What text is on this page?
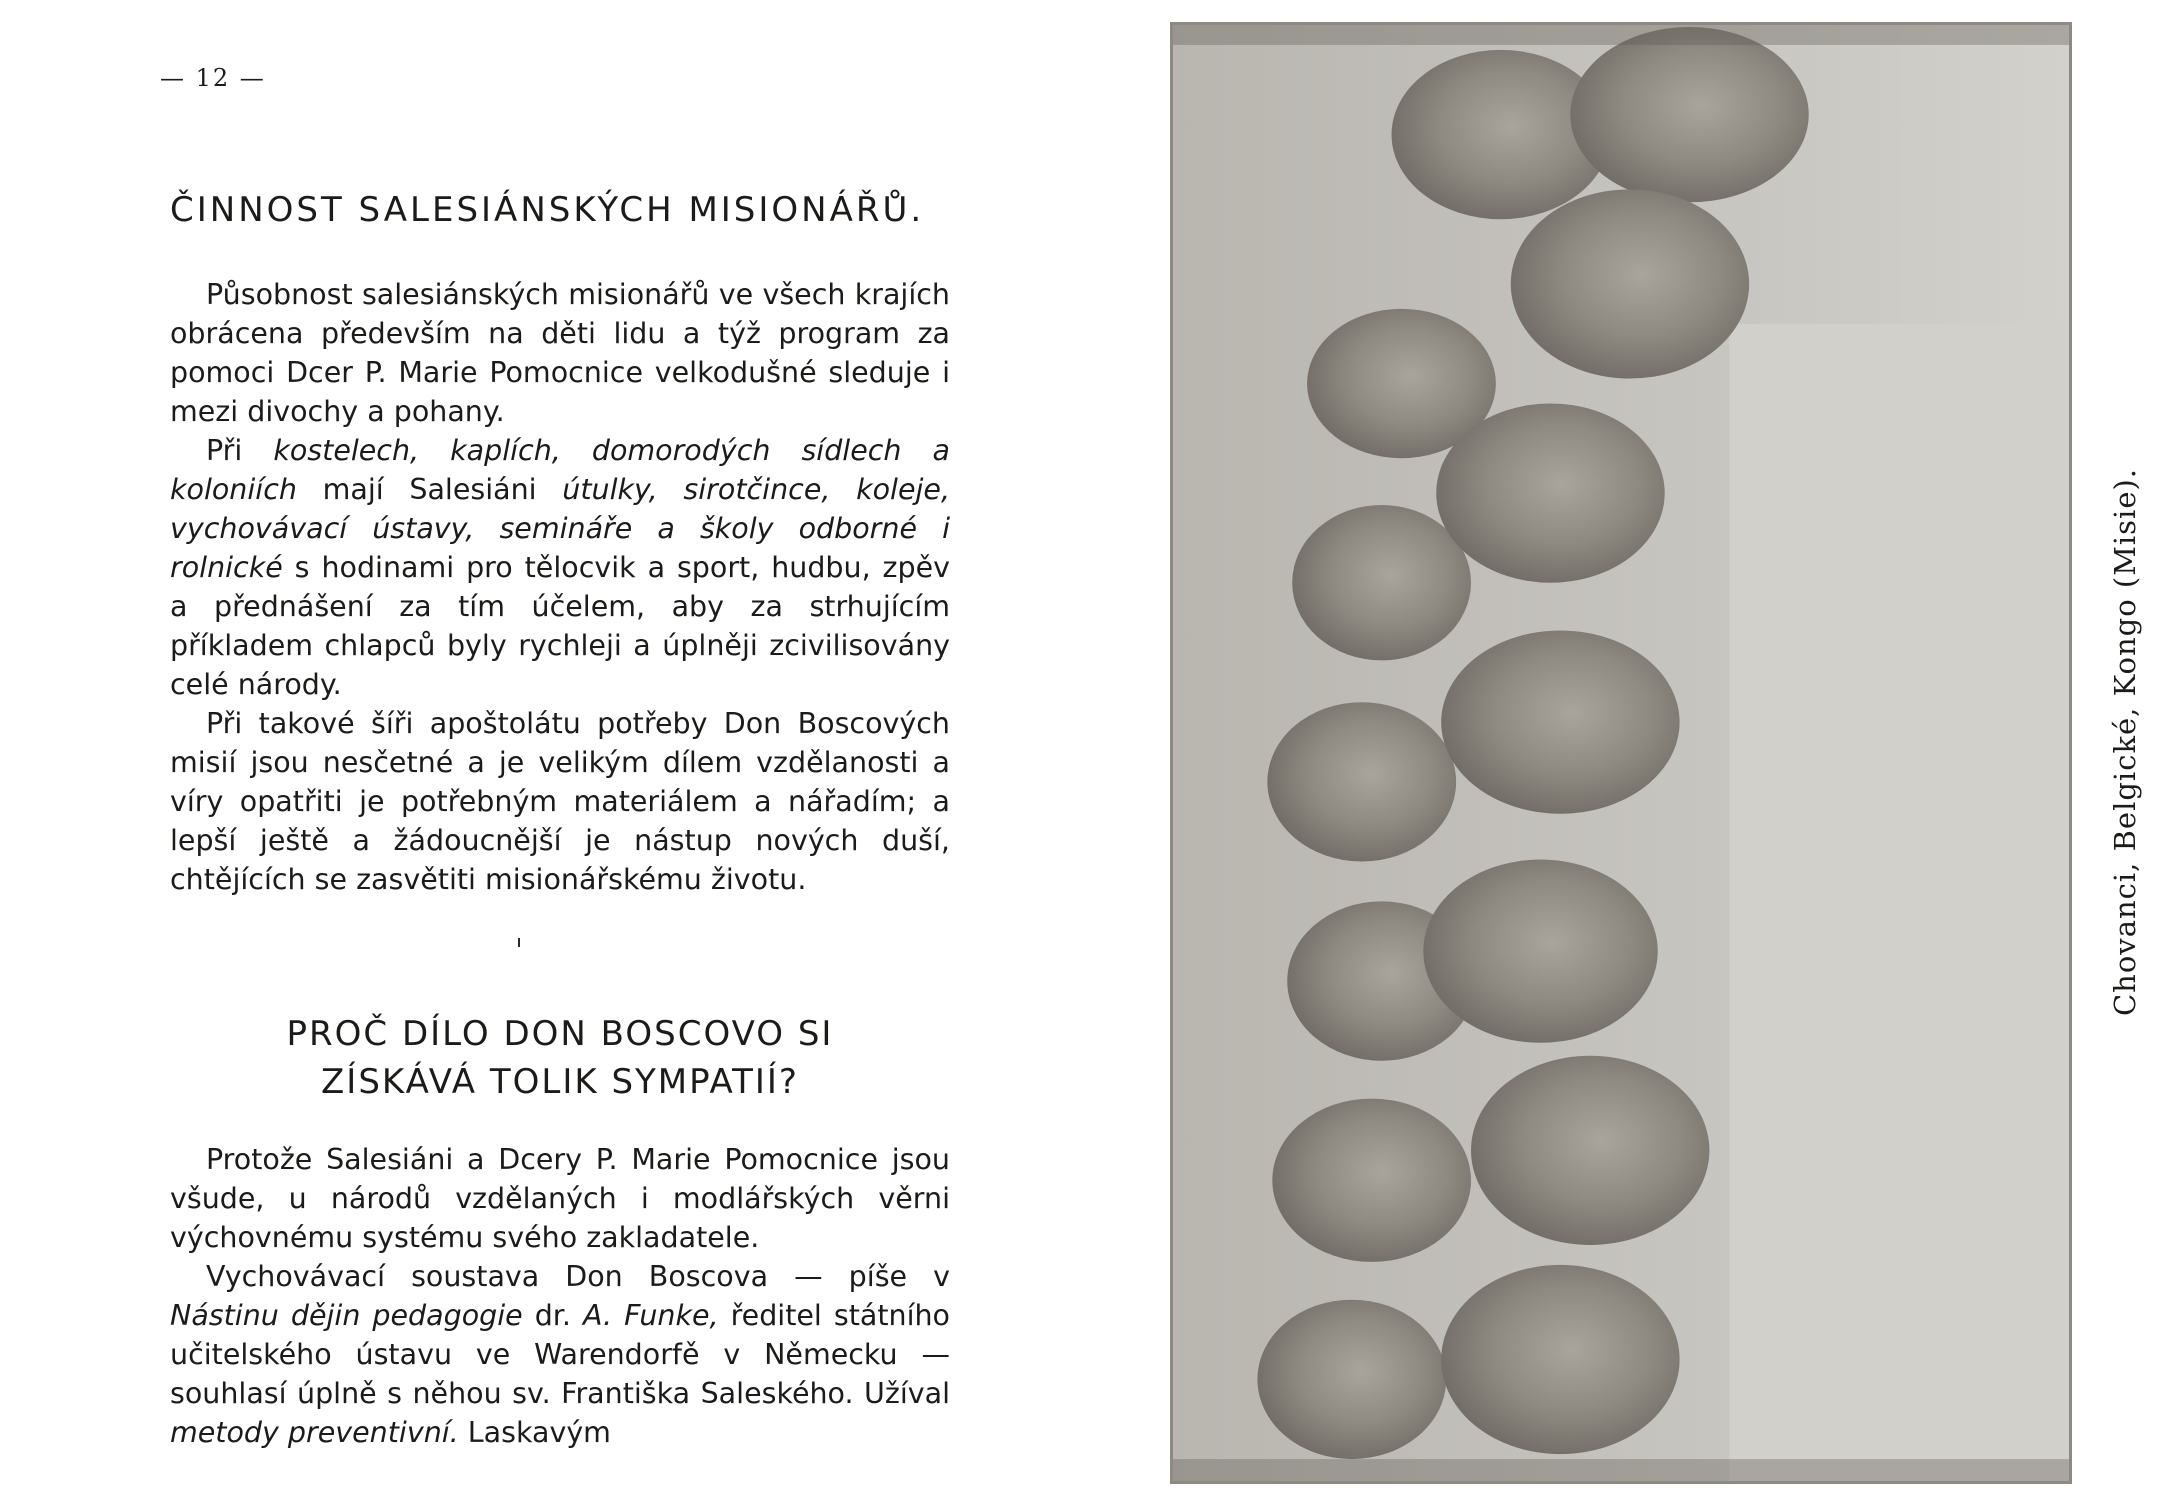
— 12 —
ČINNOST SALESIÁNSKÝCH MISIONÁŘŮ.

Působnost salesiánských misionářů ve všech krajích obrácena především na děti lidu a týž program za pomoci Dcer P. Marie Pomocnice velkodušné sleduje i mezi divochy a pohany.

Při kostelech, kaplích, domorodých sídlech a koloniích mají Salesiáni útulky, sirotčince, koleje, vychovávací ústavy, semináře a školy odborné i rolnické s hodinami pro tělocvik a sport, hudbu, zpěv a přednášení za tím účelem, aby za strhujícím příkladem chlapců byly rychleji a úplněji zcivilisovány celé národy.

Při takové šíři apoštolátu potřeby Don Boscových misií jsou nesčetné a je velikým dílem vzdělanosti a víry opatřiti je potřebným materiálem a nářadím; a lepší ještě a žádoucnější je nástup nových duší, chtějících se zasvětiti misionářskému životu.

PROČ DÍLO DON BOSCOVO SI
ZÍSKÁVÁ TOLIK SYMPATIÍ?

Protože Salesiáni a Dcery P. Marie Pomocnice jsou všude, u národů vzdělaných i modlářských věrni výchovnému systému svého zakladatele.

Vychovávací soustava Don Boscova — píše v Nástinu dějin pedagogie dr. A. Funke, ředitel státního učitelského ústavu ve Warendorfě v Německu — souhlasí úplně s něhou sv. Františka Saleského. Užíval metody preventivní. Laskavým

Chovanci, Belgické, Kongo (Misie).
